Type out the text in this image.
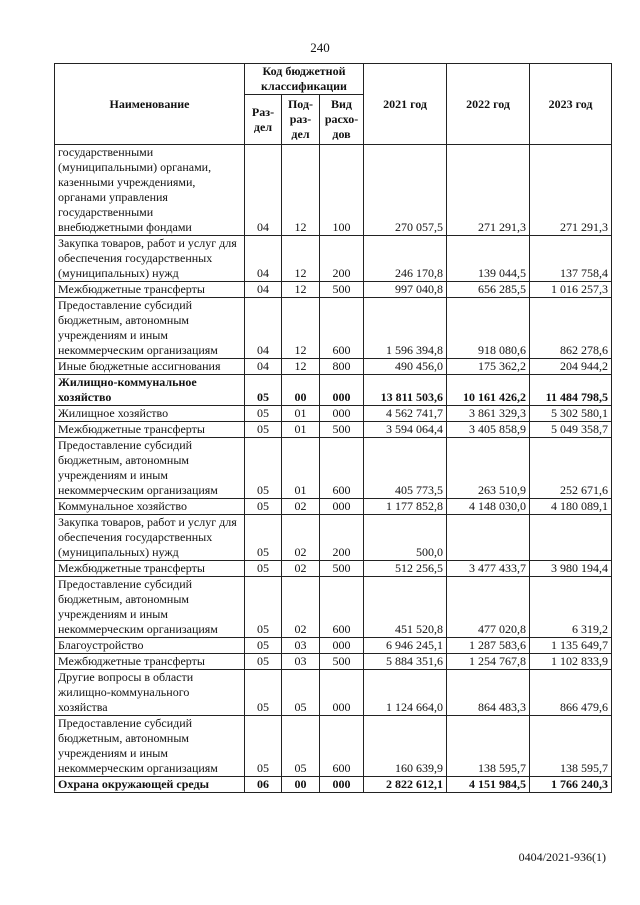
240
Наименование	Код бюджетной классификации			2021 год	2022 год	2023 год
	Раз-дел	Под-раз-дел	Вид расхо-дов			
государственными (муниципальными) органами, казенными учреждениями, органами управления государственными внебюджетными фондами	04	12	100	270 057,5	271 291,3	271 291,3
Закупка товаров, работ и услуг для обеспечения государственных (муниципальных) нужд	04	12	200	246 170,8	139 044,5	137 758,4
Межбюджетные трансферты	04	12	500	997 040,8	656 285,5	1 016 257,3
Предоставление субсидий бюджетным, автономным учреждениям и иным некоммерческим организациям	04	12	600	1 596 394,8	918 080,6	862 278,6
Иные бюджетные ассигнования	04	12	800	490 456,0	175 362,2	204 944,2
Жилищно-коммунальное хозяйство	05	00	000	13 811 503,6	10 161 426,2	11 484 798,5
Жилищное хозяйство	05	01	000	4 562 741,7	3 861 329,3	5 302 580,1
Межбюджетные трансферты	05	01	500	3 594 064,4	3 405 858,9	5 049 358,7
Предоставление субсидий бюджетным, автономным учреждениям и иным некоммерческим организациям	05	01	600	405 773,5	263 510,9	252 671,6
Коммунальное хозяйство	05	02	000	1 177 852,8	4 148 030,0	4 180 089,1
Закупка товаров, работ и услуг для обеспечения государственных (муниципальных) нужд	05	02	200	500,0		
Межбюджетные трансферты	05	02	500	512 256,5	3 477 433,7	3 980 194,4
Предоставление субсидий бюджетным, автономным учреждениям и иным некоммерческим организациям	05	02	600	451 520,8	477 020,8	6 319,2
Благоустройство	05	03	000	6 946 245,1	1 287 583,6	1 135 649,7
Межбюджетные трансферты	05	03	500	5 884 351,6	1 254 767,8	1 102 833,9
Другие вопросы в области жилищно-коммунального хозяйства	05	05	000	1 124 664,0	864 483,3	866 479,6
Предоставление субсидий бюджетным, автономным учреждениям и иным некоммерческим организациям	05	05	600	160 639,9	138 595,7	138 595,7
Охрана окружающей среды	06	00	000	2 822 612,1	4 151 984,5	1 766 240,3
0404/2021-936(1)
